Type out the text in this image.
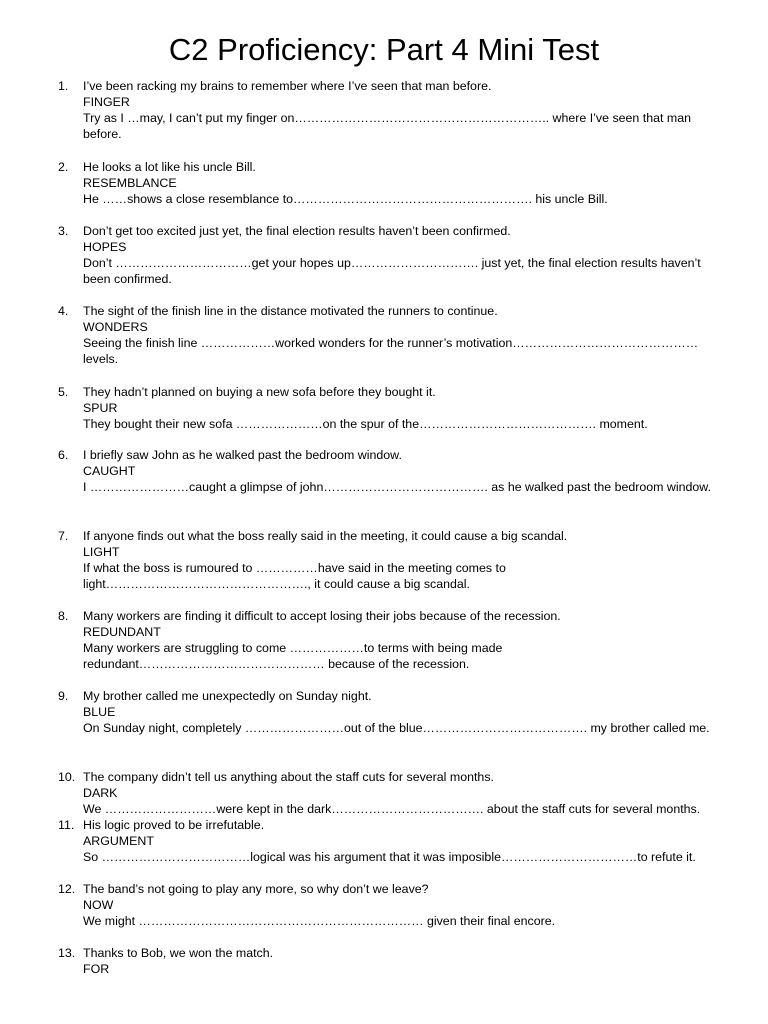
C2 Proficiency: Part 4 Mini Test
1.	I’ve been racking my brains to remember where I’ve seen that man before.
FINGER
Try as I …may, I can’t put my finger on…………………………………………………….. where I’ve seen that man before.
2.	He looks a lot like his uncle Bill.
RESEMBLANCE
He ……shows a close resemblance to…………………………………………………. his uncle Bill.
3.	Don’t get too excited just yet, the final election results haven’t been confirmed.
HOPES
Don’t ……………………………get your hopes up…………………………. just yet, the final election results haven’t been confirmed.
4.	The sight of the finish line in the distance motivated the runners to continue.
WONDERS
Seeing the finish line ………………worked wonders for the runner’s motivation……………………………………… levels.
5.	They hadn’t planned on buying a new sofa before they bought it.
SPUR
They bought their new sofa …………………on the spur of the……………………………………. moment.
6.	I briefly saw John as he walked past the bedroom window.
CAUGHT
I ……………………caught a glimpse of john…………………………………. as he walked past the bedroom window.
7.	If anyone finds out what the boss really said in the meeting, it could cause a big scandal.
LIGHT
If what the boss is rumoured to ……………have said in the meeting comes to
light…………………………………………., it could cause a big scandal.
8.	Many workers are finding it difficult to accept losing their jobs because of the recession.
REDUNDANT
Many workers are struggling to come ………………to terms with being made
redundant……………………………………… because of the recession.
9.	My brother called me unexpectedly on Sunday night.
BLUE
On Sunday night, completely ……………………out of the blue…………………………………. my brother called me.
10. The company didn’t tell us anything about the staff cuts for several months.
DARK
We ………………………were kept in the dark………………………………. about the staff cuts for several months.
11. His logic proved to be irrefutable.
ARGUMENT
So ………………………………logical was his argument that it was imposible……………………………to refute it.
12. The band’s not going to play any more, so why don’t we leave?
NOW
We might …………………………………………………………… given their final encore.
13. Thanks to Bob, we won the match.
FOR
